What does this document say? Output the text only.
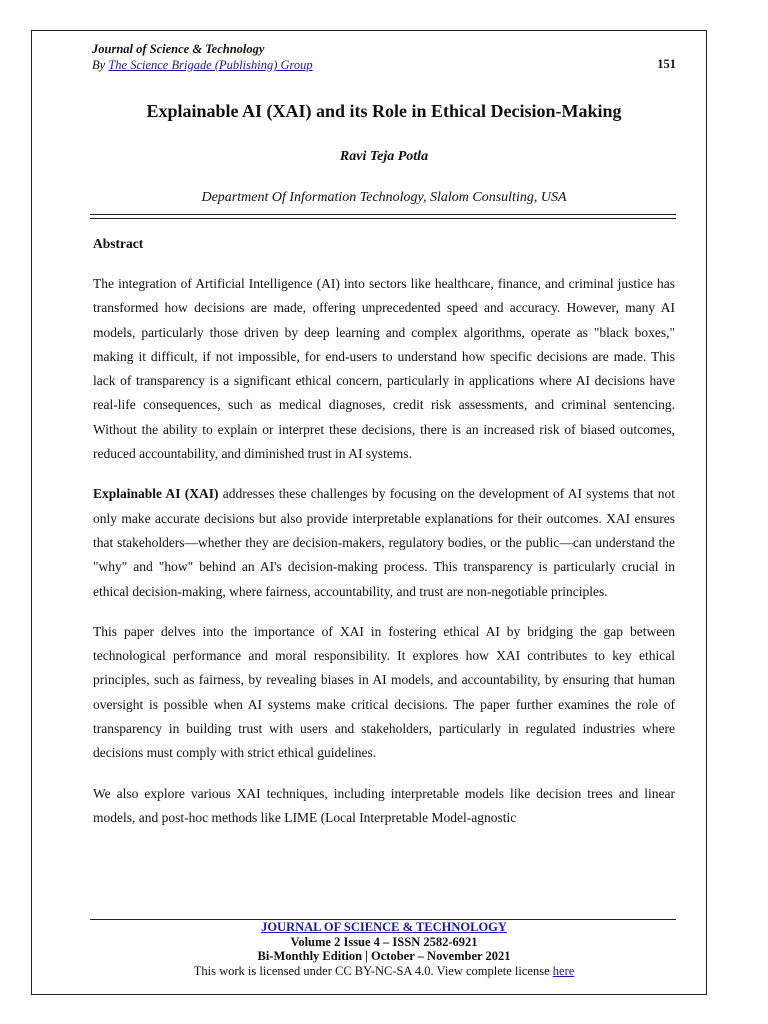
Journal of Science & Technology
By The Science Brigade (Publishing) Group	151
Explainable AI (XAI) and its Role in Ethical Decision-Making
Ravi Teja Potla
Department Of Information Technology, Slalom Consulting, USA
Abstract

The integration of Artificial Intelligence (AI) into sectors like healthcare, finance, and criminal justice has transformed how decisions are made, offering unprecedented speed and accuracy. However, many AI models, particularly those driven by deep learning and complex algorithms, operate as "black boxes," making it difficult, if not impossible, for end-users to understand how specific decisions are made. This lack of transparency is a significant ethical concern, particularly in applications where AI decisions have real-life consequences, such as medical diagnoses, credit risk assessments, and criminal sentencing. Without the ability to explain or interpret these decisions, there is an increased risk of biased outcomes, reduced accountability, and diminished trust in AI systems.

Explainable AI (XAI) addresses these challenges by focusing on the development of AI systems that not only make accurate decisions but also provide interpretable explanations for their outcomes. XAI ensures that stakeholders—whether they are decision-makers, regulatory bodies, or the public—can understand the "why" and "how" behind an AI's decision-making process. This transparency is particularly crucial in ethical decision-making, where fairness, accountability, and trust are non-negotiable principles.

This paper delves into the importance of XAI in fostering ethical AI by bridging the gap between technological performance and moral responsibility. It explores how XAI contributes to key ethical principles, such as fairness, by revealing biases in AI models, and accountability, by ensuring that human oversight is possible when AI systems make critical decisions. The paper further examines the role of transparency in building trust with users and stakeholders, particularly in regulated industries where decisions must comply with strict ethical guidelines.

We also explore various XAI techniques, including interpretable models like decision trees and linear models, and post-hoc methods like LIME (Local Interpretable Model-agnostic

JOURNAL OF SCIENCE & TECHNOLOGY
Volume 2 Issue 4 – ISSN 2582-6921
Bi-Monthly Edition | October – November 2021
This work is licensed under CC BY-NC-SA 4.0. View complete license here
